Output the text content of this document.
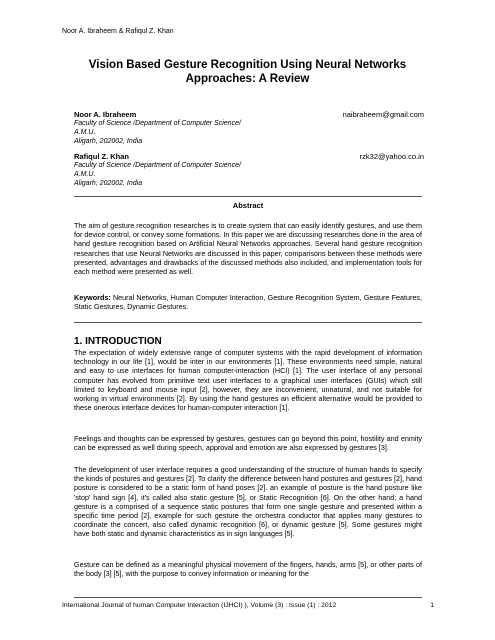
Noor A. Ibraheem & Rafiqul Z. Khan
Vision Based Gesture Recognition Using Neural Networks
Approaches: A Review
Noor A. Ibraheem	naibraheem@gmail.com
Faculty of Science /Department of Computer Science/
A.M.U.
Aligarh, 202002, India
Rafiqul Z. Khan	rzk32@yahoo.co.in
Faculty of Science /Department of Computer Science/
A.M.U.
Aligarh, 202002, India
Abstract

The aim of gesture recognition researches is to create system that can easily identify gestures, and use them for device control, or convey some formations. In this paper we are discussing researches done in the area of hand gesture recognition based on Artificial Neural Networks approaches. Several hand gesture recognition researches that use Neural Networks are discussed in this paper, comparisons between these methods were presented, advantages and drawbacks of the discussed methods also included, and implementation tools for each method were presented as well.

Keywords: Neural Networks, Human Computer Interaction, Gesture Recognition System, Gesture Features, Static Gestures, Dynamic Gestures.

1. INTRODUCTION

The expectation of widely extensive range of computer systems with the rapid development of information technology in our life [1], would be inter in our environments [1]. These environments need simple, natural and easy to use interfaces for human computer-interaction (HCI) [1]. The user interface of any personal computer has evolved from primitive text user interfaces to a graphical user interfaces (GUIs) which still limited to keyboard and mouse input [2], however, they are inconvenient, unnatural, and not suitable for working in virtual environments [2]. By using the hand gestures an efficient alternative would be provided to these onerous interface devices for human-computer interaction [1].

Feelings and thoughts can be expressed by gestures, gestures can go beyond this point, hostility and enmity can be expressed as well during speech, approval and emotion are also expressed by gestures [3].

The development of user interface requires a good understanding of the structure of human hands to specify the kinds of postures and gestures [2]. To clarify the difference between hand postures and gestures [2], hand posture is considered to be a static form of hand poses [2]. an example of posture is the hand posture like 'stop' hand sign [4], it's called also static gesture [5], or Static Recognition [6]. On the other hand; a hand gesture is a comprised of a sequence static postures that form one single gesture and presented within a specific time period [2], example for such gesture the orchestra conductor that applies many gestures to coordinate the concert, also called dynamic recognition [6], or dynamic gesture [5]. Some gestures might have both static and dynamic characteristics as in sign languages [5].

Gesture can be defined as a meaningful physical movement of the fingers, hands, arms [5], or other parts of the body [3] [5], with the purpose to convey information or meaning for the

International Journal of human Computer Interaction (IJHCI) ), Volume (3) : Issue (1) : 2012	1
